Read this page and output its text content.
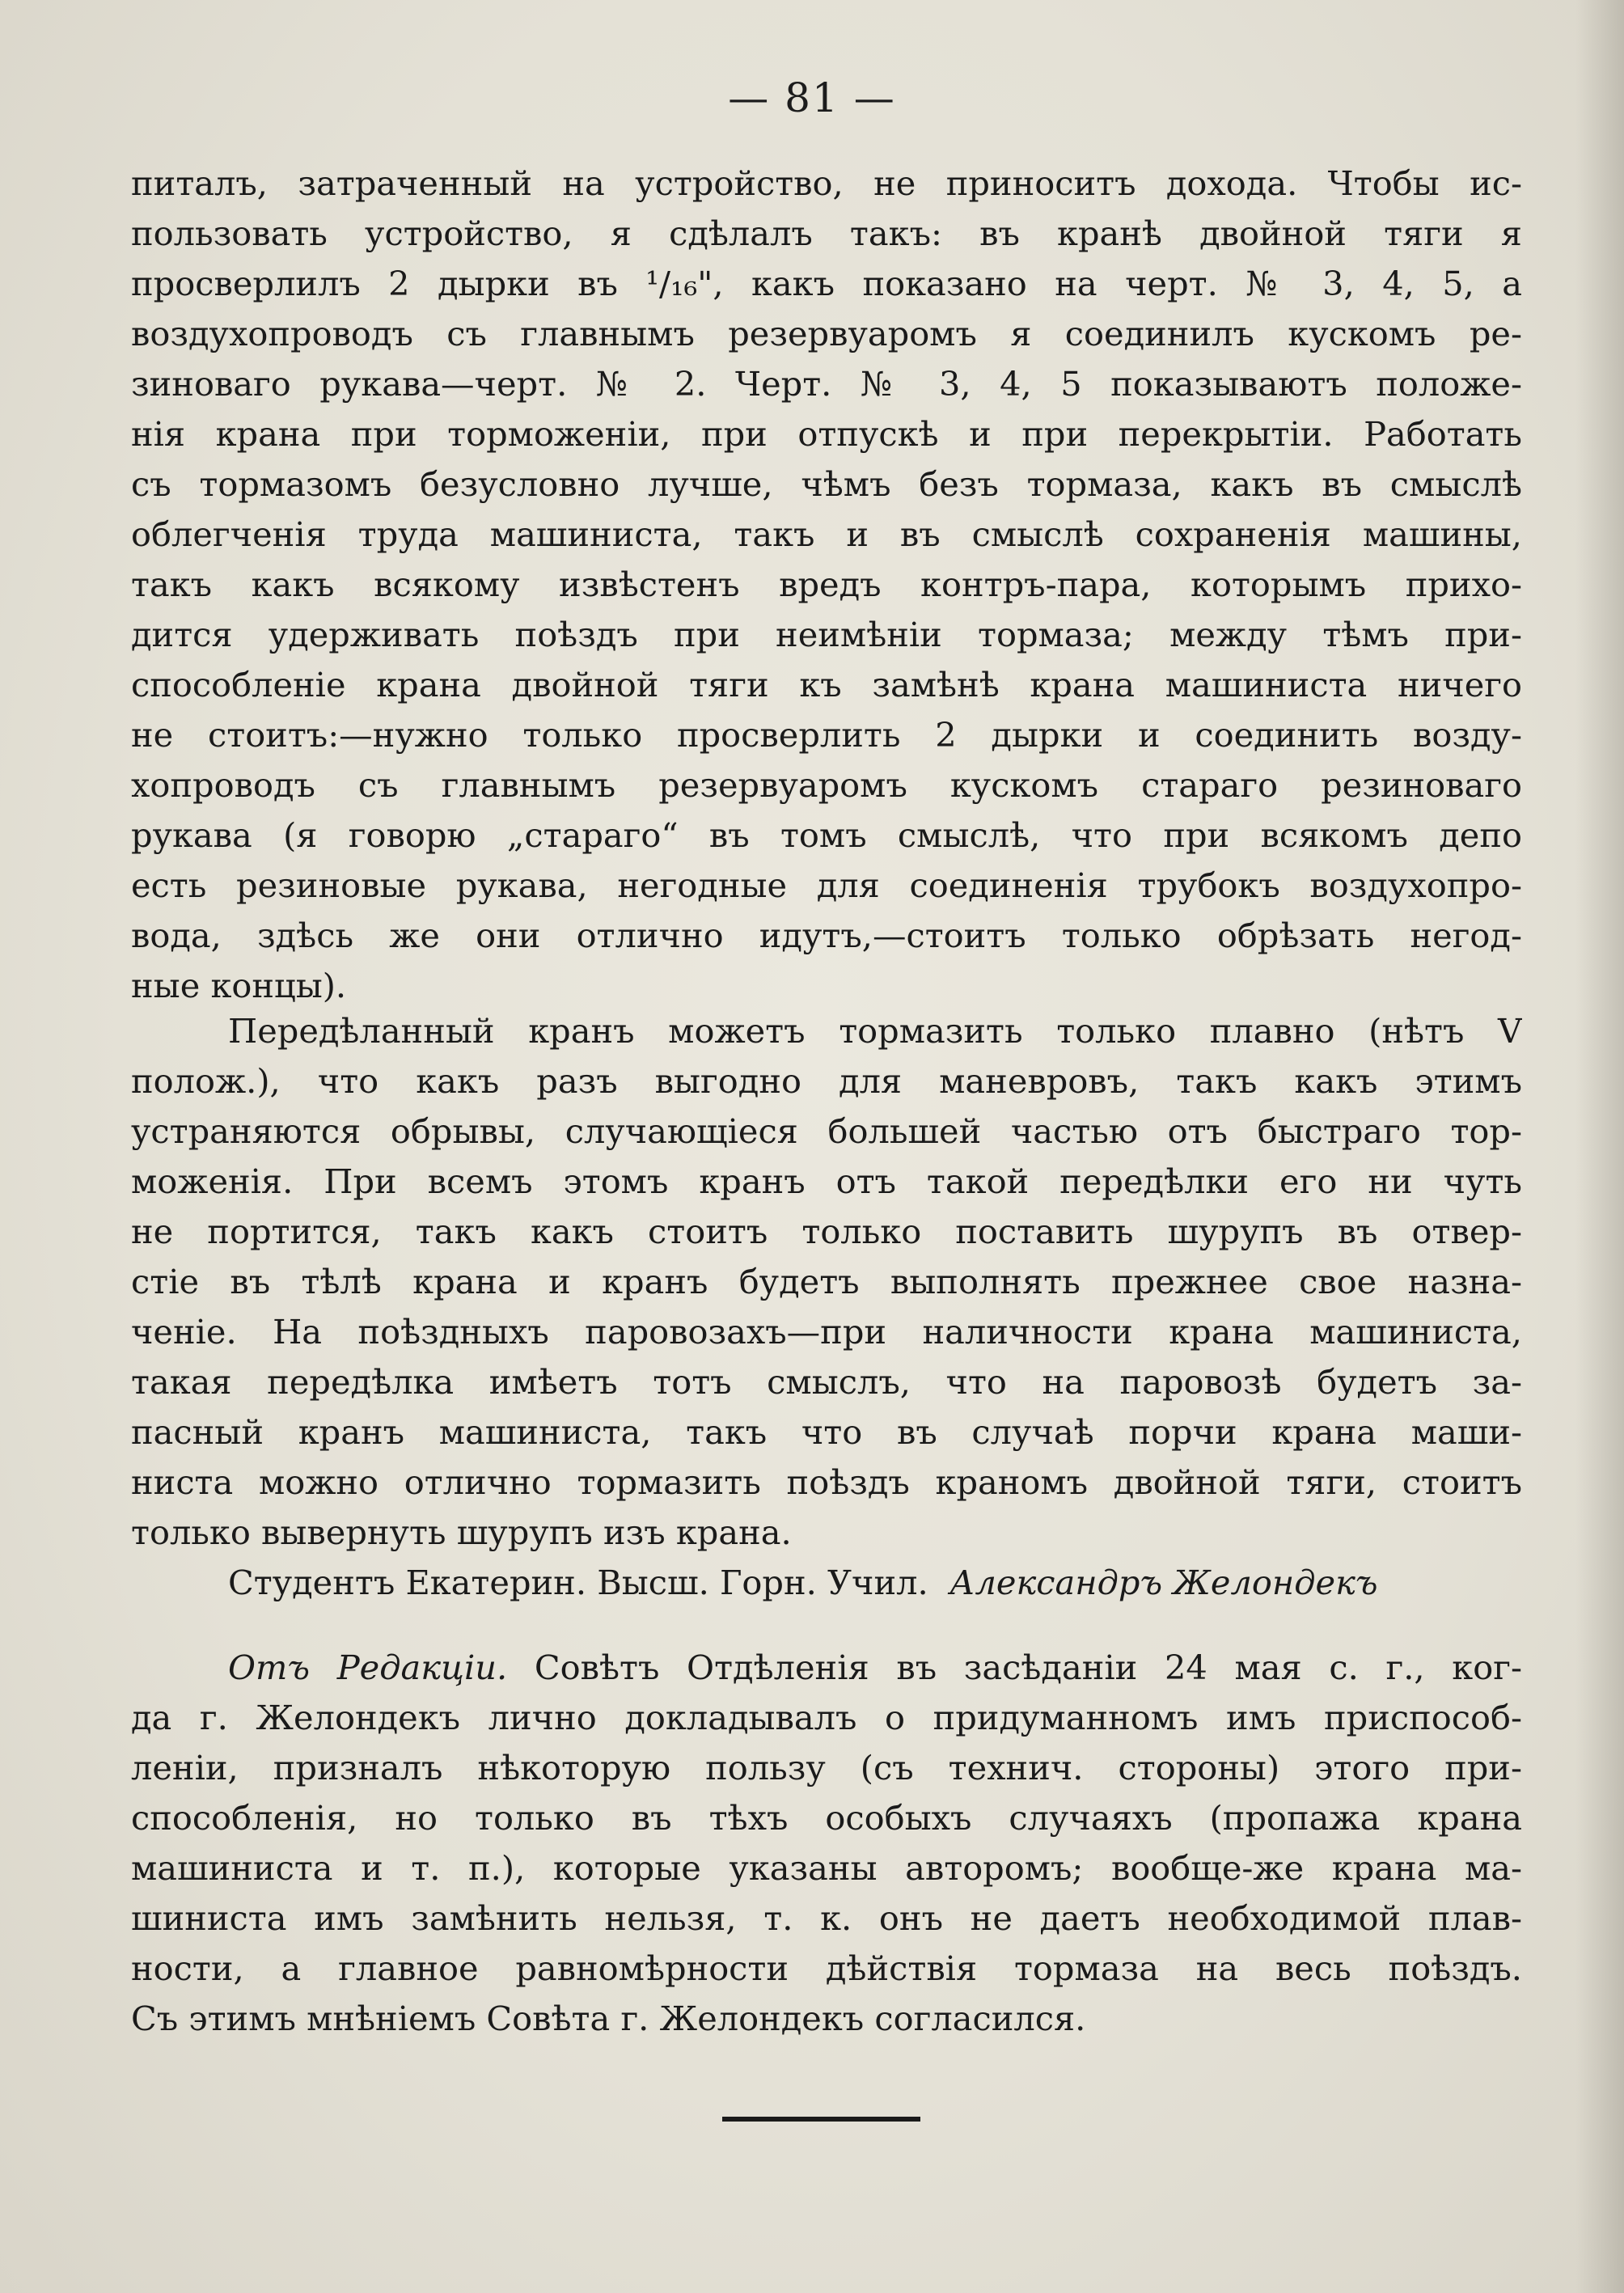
— 81 —
питалъ, затраченный на устройство, не приноситъ дохода. Чтобы ис-
пользовать устройство, я сдѣлалъ такъ: въ кранѣ двойной тяги я
просверлилъ 2 дырки въ ¹/₁₆", какъ показано на черт. № 3, 4, 5, а
воздухопроводъ съ главнымъ резервуаромъ я соединилъ кускомъ ре-
зиноваго рукава—черт. № 2. Черт. № 3, 4, 5 показываютъ положе-
нія крана при торможеніи, при отпускѣ и при перекрытіи. Работать
съ тормазомъ безусловно лучше, чѣмъ безъ тормаза, какъ въ смыслѣ
облегченія труда машиниста, такъ и въ смыслѣ сохраненія машины,
такъ какъ всякому извѣстенъ вредъ контръ-пара, которымъ прихо-
дится удерживать поѣздъ при неимѣніи тормаза; между тѣмъ при-
способленіе крана двойной тяги къ замѣнѣ крана машиниста ничего
не стоитъ:—нужно только просверлить 2 дырки и соединить возду-
хопроводъ съ главнымъ резервуаромъ кускомъ стараго резиноваго
рукава (я говорю „стараго“ въ томъ смыслѣ, что при всякомъ депо
есть резиновые рукава, негодные для соединенія трубокъ воздухопро-
вода, здѣсь же они отлично идутъ,—стоитъ только обрѣзать негод-
ные концы).
Передѣланный кранъ можетъ тормазить только плавно (нѣтъ V
полож.), что какъ разъ выгодно для маневровъ, такъ какъ этимъ
устраняются обрывы, случающіеся большей частью отъ быстраго тор-
моженія. При всемъ этомъ кранъ отъ такой передѣлки его ни чуть
не портится, такъ какъ стоитъ только поставить шурупъ въ отвер-
стіе въ тѣлѣ крана и кранъ будетъ выполнять прежнее свое назна-
ченіе. На поѣздныхъ паровозахъ—при наличности крана машиниста,
такая передѣлка имѣетъ тотъ смыслъ, что на паровозѣ будетъ за-
пасный кранъ машиниста, такъ что въ случаѣ порчи крана маши-
ниста можно отлично тормазить поѣздъ краномъ двойной тяги, стоитъ
только вывернуть шурупъ изъ крана.
Студентъ Екатерин. Высш. Горн. Учил. Александръ Желондекъ
Отъ Редакціи. Совѣтъ Отдѣленія въ засѣданіи 24 мая с. г., ког-
да г. Желондекъ лично докладывалъ о придуманномъ имъ приспособ-
леніи, призналъ нѣкоторую пользу (съ технич. стороны) этого при-
способленія, но только въ тѣхъ особыхъ случаяхъ (пропажа крана
машиниста и т. п.), которые указаны авторомъ; вообще-же крана ма-
шиниста имъ замѣнить нельзя, т. к. онъ не даетъ необходимой плав-
ности, а главное равномѣрности дѣйствія тормаза на весь поѣздъ.
Съ этимъ мнѣніемъ Совѣта г. Желондекъ согласился.
